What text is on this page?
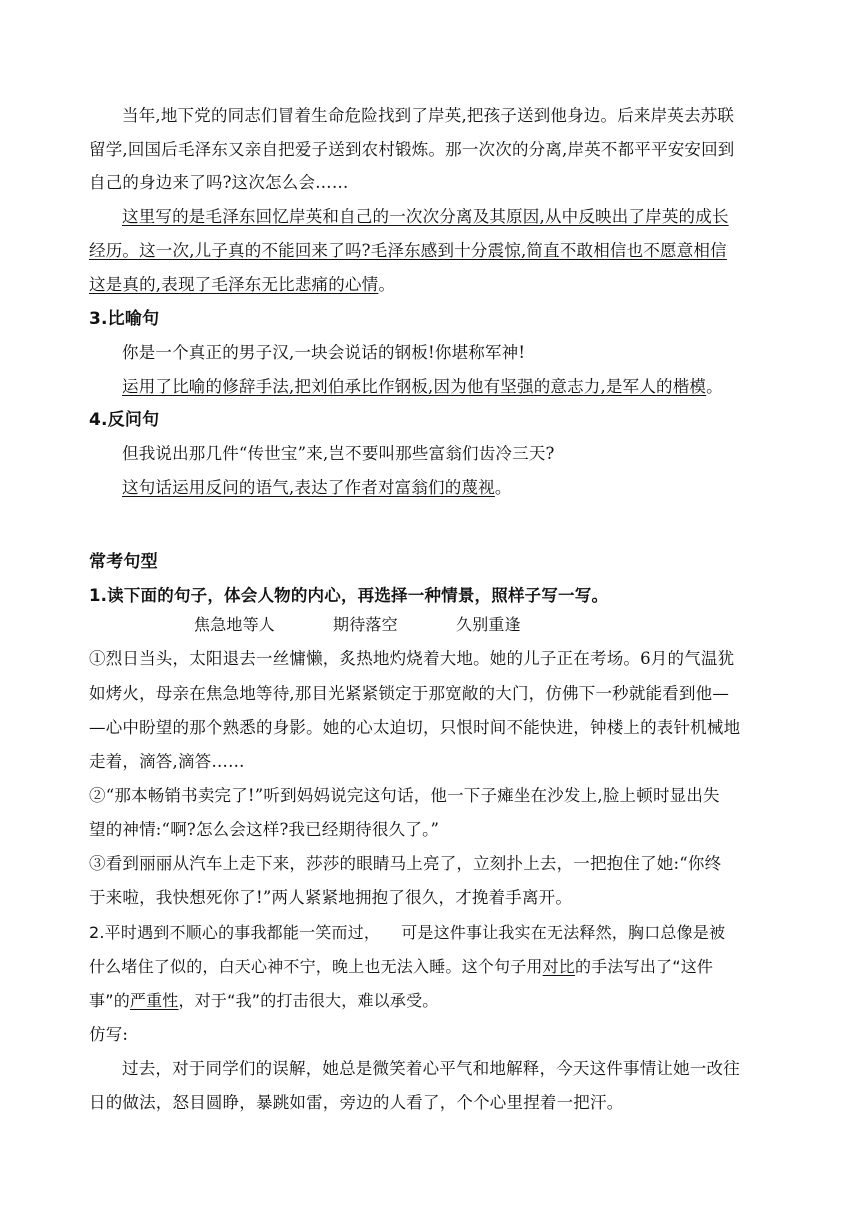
当年,地下党的同志们冒着生命危险找到了岸英,把孩子送到他身边。后来岸英去苏联
留学,回国后毛泽东又亲自把爱子送到农村锻炼。那一次次的分离,岸英不都平平安安回到
自己的身边来了吗?这次怎么会……
这里写的是毛泽东回忆岸英和自己的一次次分离及其原因,从中反映出了岸英的成长
经历。这一次,儿子真的不能回来了吗?毛泽东感到十分震惊,简直不敢相信也不愿意相信
这是真的,表现了毛泽东无比悲痛的心情。
3.比喻句
你是一个真正的男子汉,一块会说话的钢板!你堪称军神!
运用了比喻的修辞手法,把刘伯承比作钢板,因为他有坚强的意志力,是军人的楷模。
4.反问句
但我说出那几件“传世宝”来,岂不要叫那些富翁们齿冷三天?
这句话运用反问的语气,表达了作者对富翁们的蔑视。
常考句型
1.读下面的句子，体会人物的内心，再选择一种情景，照样子写一写。
焦急地等人	期待落空	久别重逢
①烈日当头，太阳退去一丝慵懒，炙热地灼烧着大地。她的儿子正在考场。6月的气温犹
如烤火，母亲在焦急地等待,那目光紧紧锁定于那宽敞的大门，仿佛下一秒就能看到他—
—心中盼望的那个熟悉的身影。她的心太迫切，只恨时间不能快进，钟楼上的表针机械地
走着，滴答,滴答……
②“那本畅销书卖完了!”听到妈妈说完这句话，他一下子瘫坐在沙发上,脸上顿时显出失
望的神情:“啊?怎么会这样?我已经期待很久了。”
③看到丽丽从汽车上走下来，莎莎的眼睛马上亮了，立刻扑上去，一把抱住了她:“你终
于来啦，我快想死你了!”两人紧紧地拥抱了很久，才挽着手离开。
2.平时遇到不顺心的事我都能一笑而过，    可是这件事让我实在无法释然，胸口总像是被
什么堵住了似的，白天心神不宁，晚上也无法入睡。这个句子用对比的手法写出了“这件
事”的严重性，对于“我”的打击很大，难以承受。
仿写:
过去，对于同学们的误解，她总是微笑着心平气和地解释，今天这件事情让她一改往
日的做法，怒目圆睁，暴跳如雷，旁边的人看了，个个心里捏着一把汗。
